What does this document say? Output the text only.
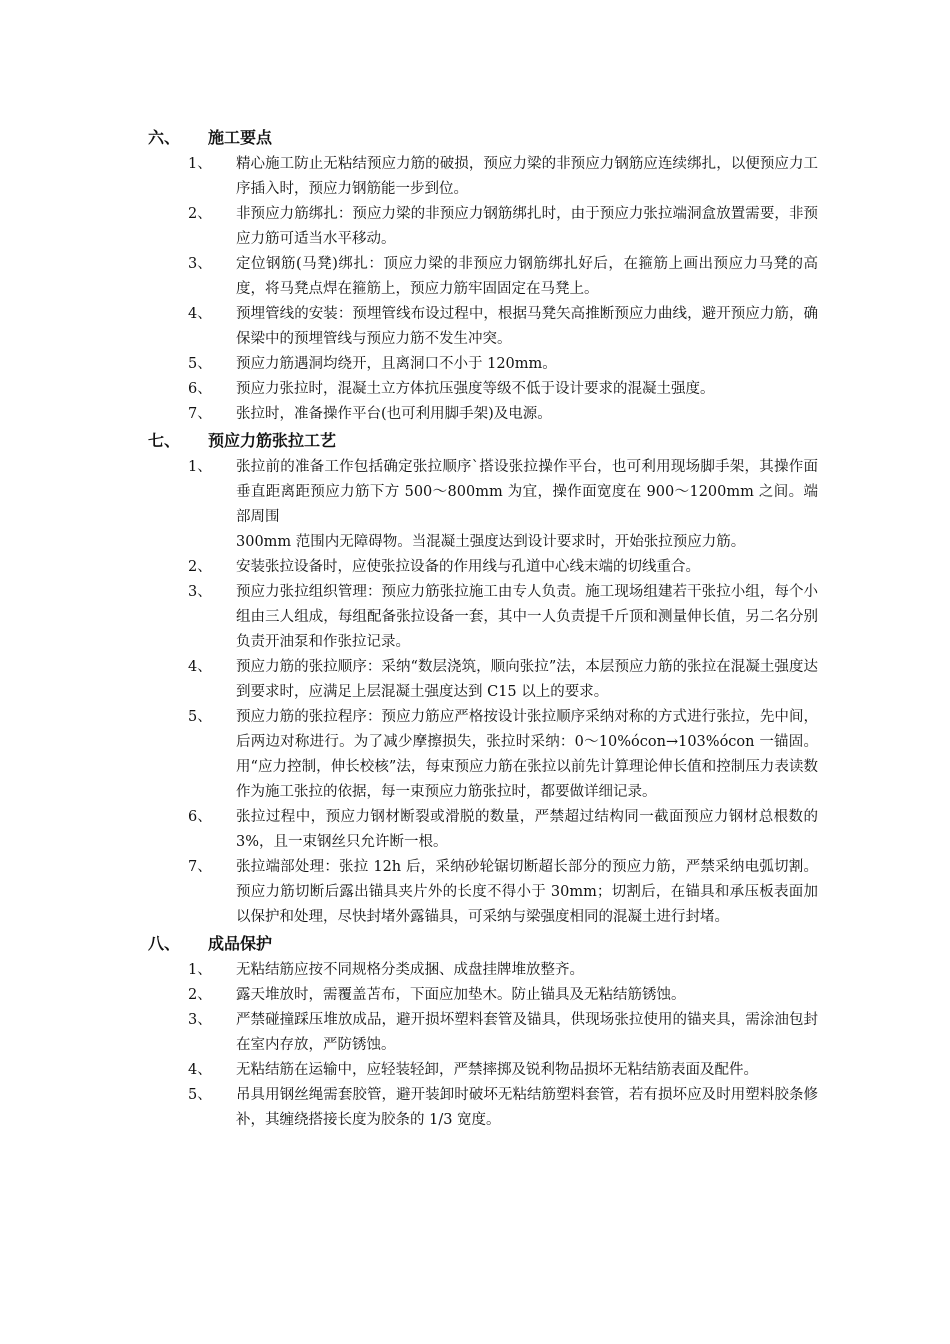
六、 施工要点
1、 精心施工防止无粘结预应力筋的破损，预应力梁的非预应力钢筋应连续绑扎，以便预应力工序插入时，预应力钢筋能一步到位。
2、 非预应力筋绑扎：预应力梁的非预应力钢筋绑扎时，由于预应力张拉端洞盒放置需要，非预应力筋可适当水平移动。
3、 定位钢筋(马凳)绑扎：顶应力梁的非预应力钢筋绑扎好后，在箍筋上画出预应力马凳的高度，将马凳点焊在箍筋上，预应力筋牢固固定在马凳上。
4、 预埋管线的安装：预埋管线布设过程中，根据马凳矢高推断预应力曲线，避开预应力筋，确保梁中的预埋管线与预应力筋不发生冲突。
5、 预应力筋遇洞均绕开，且离洞口不小于 120mm。
6、 预应力张拉时，混凝土立方体抗压强度等级不低于设计要求的混凝土强度。
7、 张拉时，准备操作平台(也可利用脚手架)及电源。
七、 预应力筋张拉工艺
1、 张拉前的准备工作包括确定张拉顺序`搭设张拉操作平台，也可利用现场脚手架，其操作面垂直距离距预应力筋下方 500～800mm 为宜，操作面宽度在 900～1200mm 之间。端部周围
300mm 范围内无障碍物。当混凝土强度达到设计要求时，开始张拉预应力筋。
2、 安装张拉设备时，应使张拉设备的作用线与孔道中心线末端的切线重合。
3、 预应力张拉组织管理：预应力筋张拉施工由专人负责。施工现场组建若干张拉小组，每个小组由三人组成，每组配备张拉设备一套，其中一人负责提千斤顶和测量伸长值，另二名分别负责开油泵和作张拉记录。
4、 预应力筋的张拉顺序：采纳“数层浇筑，顺向张拉”法，本层预应力筋的张拉在混凝土强度达到要求时，应满足上层混凝土强度达到 C15 以上的要求。
5、 预应力筋的张拉程序：预应力筋应严格按设计张拉顺序采纳对称的方式进行张拉，先中间，后两边对称进行。为了减少摩擦损失，张拉时采纳：0～10%ócon→103%ócon 一锚固。用“应力控制，伸长校核”法，每束预应力筋在张拉以前先计算理论伸长值和控制压力表读数作为施工张拉的依据，每一束预应力筋张拉时，都要做详细记录。
6、 张拉过程中，预应力钢材断裂或滑脱的数量，严禁超过结构同一截面预应力钢材总根数的 3%，且一束钢丝只允许断一根。
7、 张拉端部处理：张拉 12h 后，采纳砂轮锯切断超长部分的预应力筋，严禁采纳电弧切割。预应力筋切断后露出锚具夹片外的长度不得小于 30mm；切割后，在锚具和承压板表面加以保护和处理，尽快封堵外露锚具，可采纳与梁强度相同的混凝土进行封堵。
八、 成品保护
1、 无粘结筋应按不同规格分类成捆、成盘挂牌堆放整齐。
2、 露天堆放时，需覆盖苫布，下面应加垫木。防止锚具及无粘结筋锈蚀。
3、 严禁碰撞踩压堆放成品，避开损坏塑料套管及锚具，供现场张拉使用的锚夹具，需涂油包封在室内存放，严防锈蚀。
4、 无粘结筋在运输中，应轻装轻卸，严禁摔掷及锐利物品损坏无粘结筋表面及配件。
5、 吊具用钢丝绳需套胶管，避开装卸时破坏无粘结筋塑料套管，若有损坏应及时用塑料胶条修补，其缠绕搭接长度为胶条的 1/3 宽度。
